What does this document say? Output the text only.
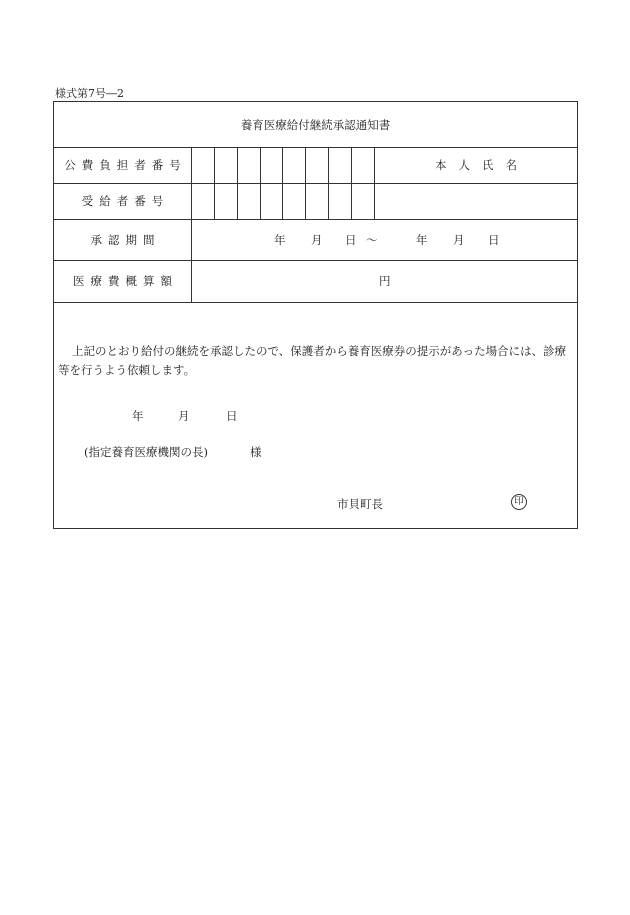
様式第7号―2
養育医療給付継続承認通知書
公費負担者番号	本人氏名
受給者番号
承認期間	年 月 日 ～	年 月 日
医療費概算額	円
上記のとおり給付の継続を承認したので、保護者から養育医療券の提示があった場合には、診療等を行うよう依頼します。
年	月	日
(指定養育医療機関の長)	様
市貝町長	印
